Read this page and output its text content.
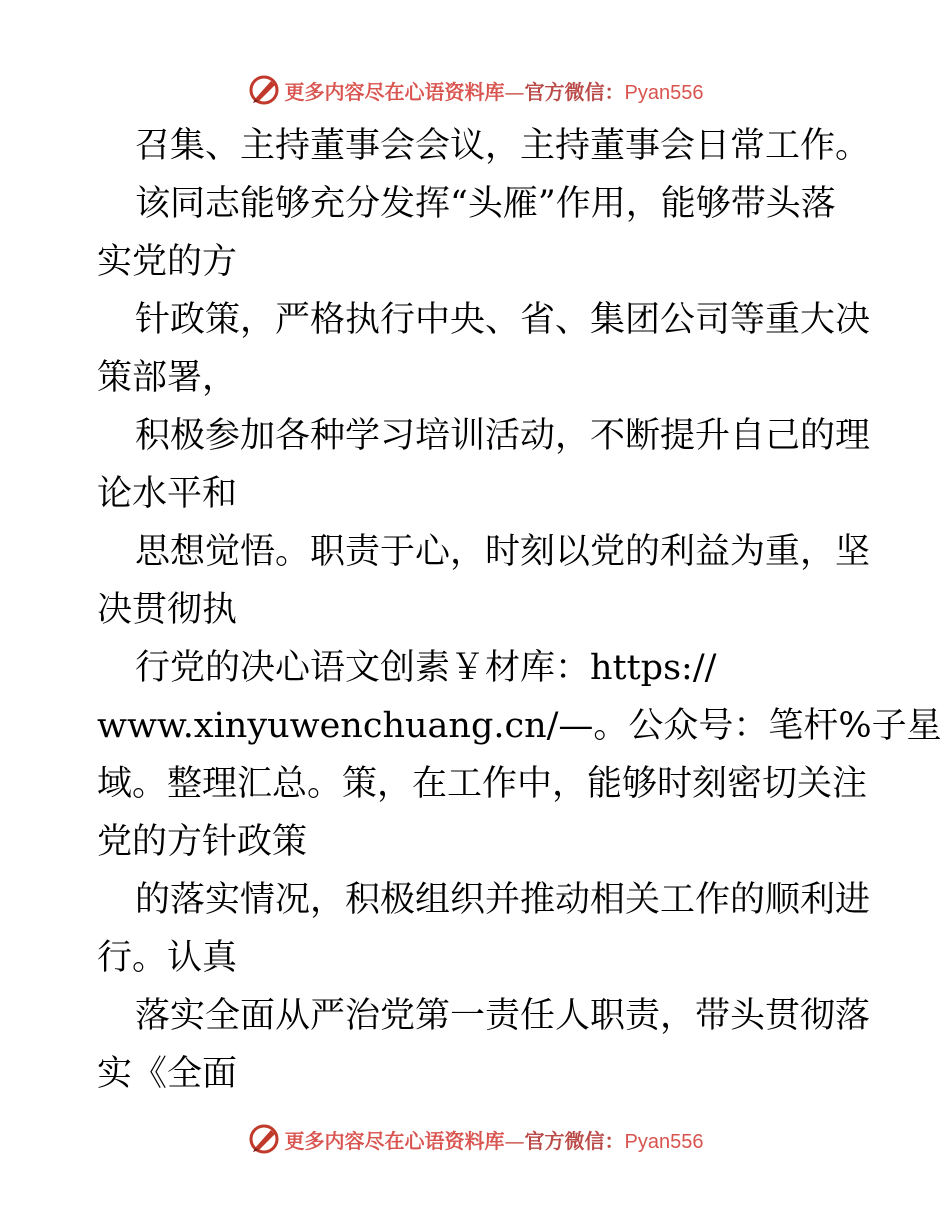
更多内容尽在心语资料库—官方微信：Pyan556
召集、主持董事会会议，主持董事会日常工作。
该同志能够充分发挥“头雁”作用，能够带头落
实党的方
针政策，严格执行中央、省、集团公司等重大决
策部署，
积极参加各种学习培训活动，不断提升自己的理
论水平和
思想觉悟。职责于心，时刻以党的利益为重，坚
决贯彻执
行党的决心语文创素￥材库：https://
www.xinyuwenchuang.cn/—。公众号：笔杆%子星
域。整理汇总。策，在工作中，能够时刻密切关注
党的方针政策
的落实情况，积极组织并推动相关工作的顺利进
行。认真
落实全面从严治党第一责任人职责，带头贯彻落
实《全面
更多内容尽在心语资料库—官方微信：Pyan556
